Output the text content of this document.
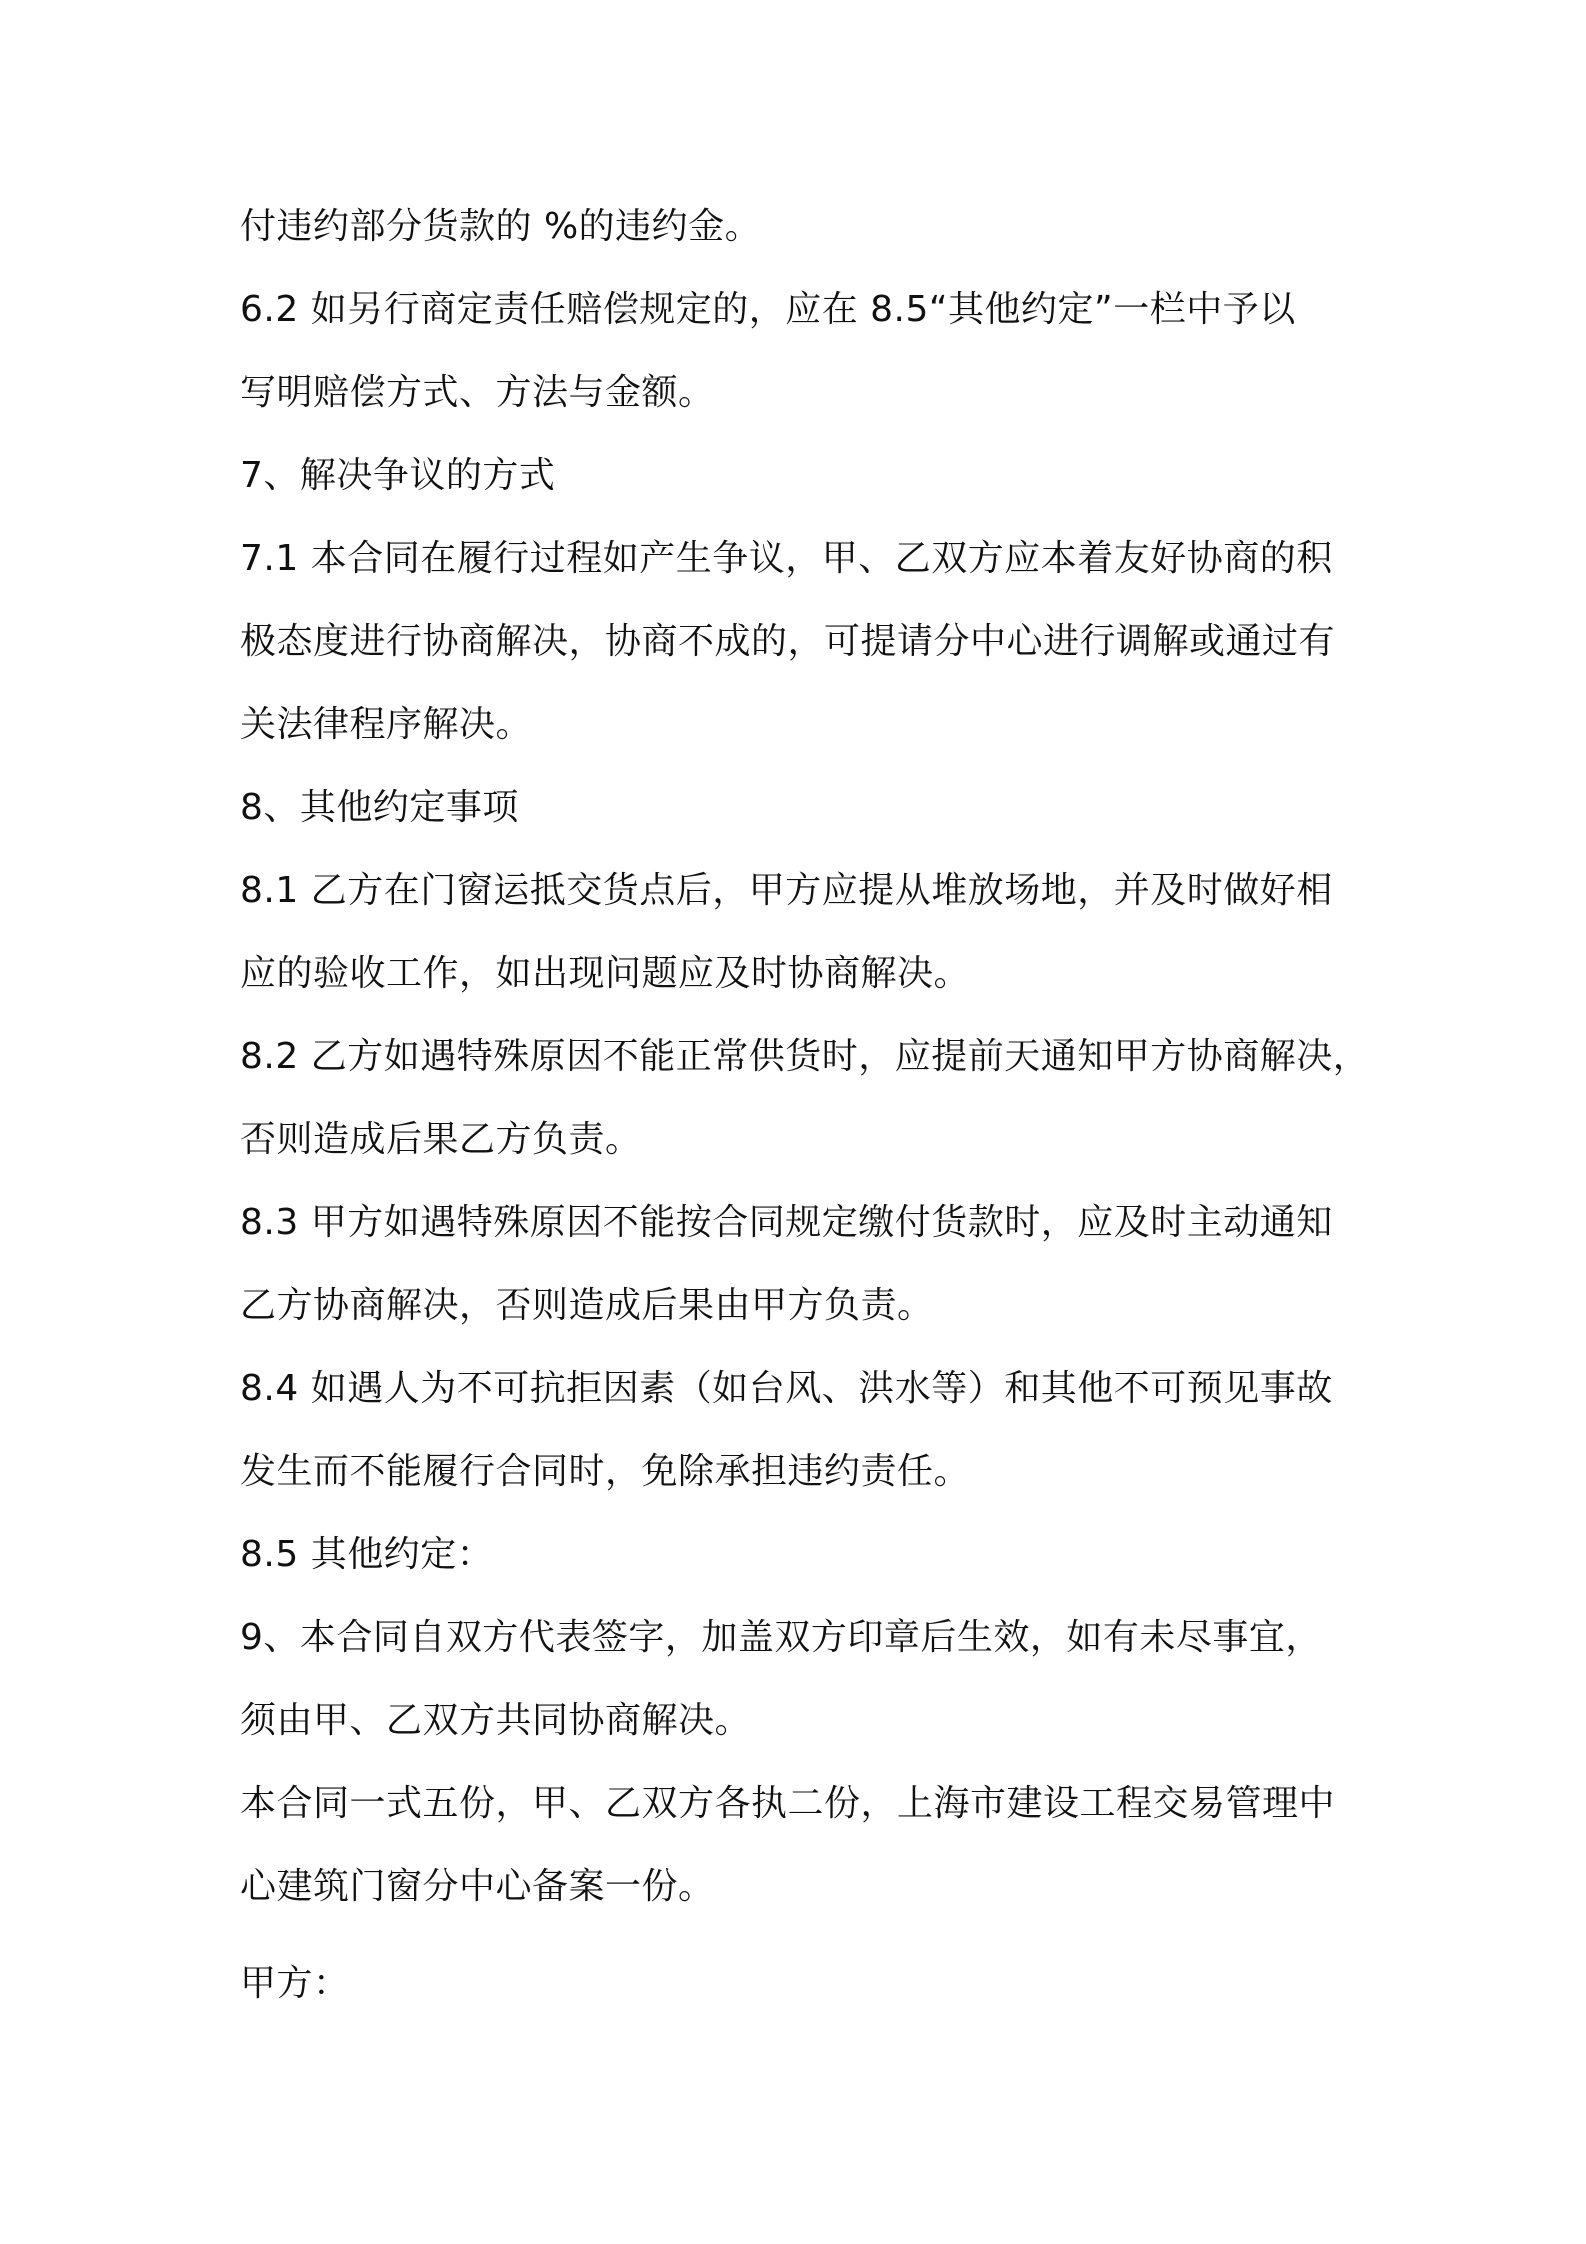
付违约部分货款的 %的违约金。
6.2 如另行商定责任赔偿规定的，应在 8.5“其他约定”一栏中予以
写明赔偿方式、方法与金额。
7、解决争议的方式
7.1 本合同在履行过程如产生争议，甲、乙双方应本着友好协商的积
极态度进行协商解决，协商不成的，可提请分中心进行调解或通过有
关法律程序解决。
8、其他约定事项
8.1 乙方在门窗运抵交货点后，甲方应提从堆放场地，并及时做好相
应的验收工作，如出现问题应及时协商解决。
8.2 乙方如遇特殊原因不能正常供货时，应提前天通知甲方协商解决，
否则造成后果乙方负责。
8.3 甲方如遇特殊原因不能按合同规定缴付货款时，应及时主动通知
乙方协商解决，否则造成后果由甲方负责。
8.4 如遇人为不可抗拒因素（如台风、洪水等）和其他不可预见事故
发生而不能履行合同时，免除承担违约责任。
8.5 其他约定：
9、本合同自双方代表签字，加盖双方印章后生效，如有未尽事宜，
须由甲、乙双方共同协商解决。
本合同一式五份，甲、乙双方各执二份，上海市建设工程交易管理中
心建筑门窗分中心备案一份。
甲方：
